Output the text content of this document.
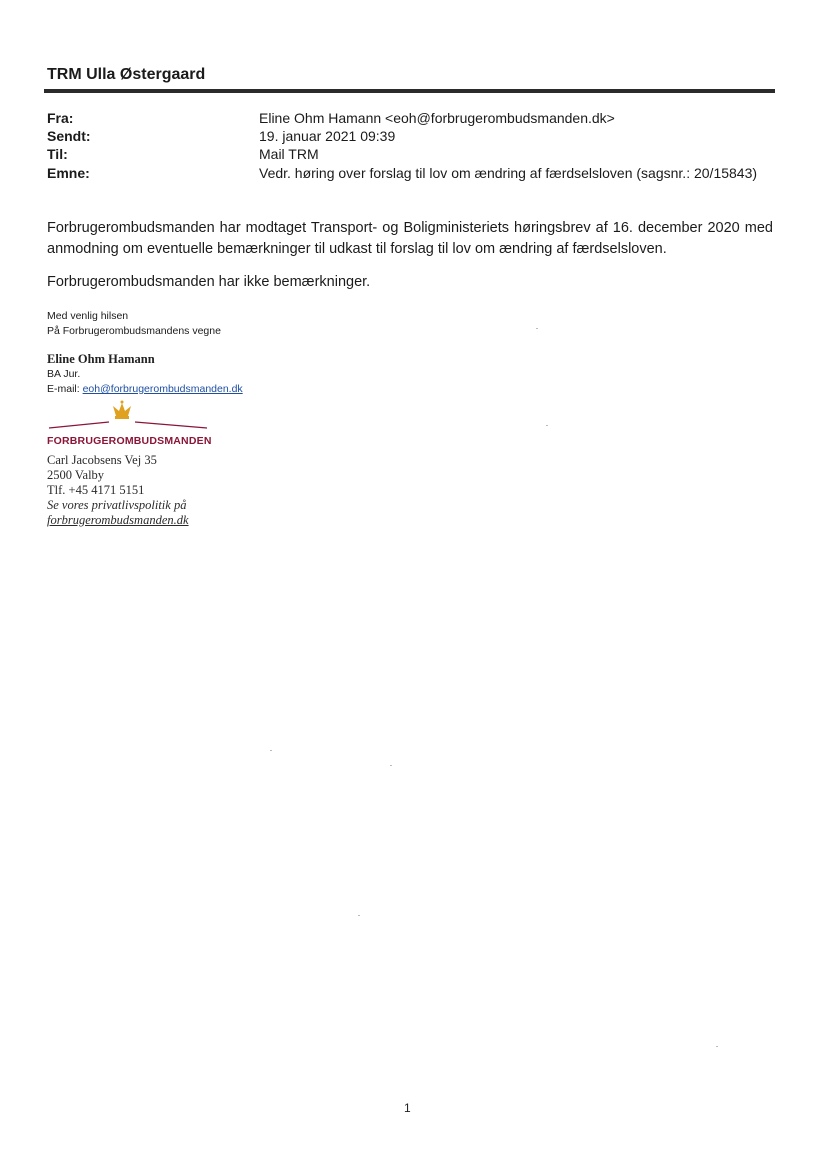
TRM Ulla Østergaard
Fra:	Eline Ohm Hamann <eoh@forbrugerombudsmanden.dk>
Sendt:	19. januar 2021 09:39
Til:	Mail TRM
Emne:	Vedr. høring over forslag til lov om ændring af færdselsloven (sagsnr.: 20/15843)
Forbrugerombudsmanden har modtaget Transport- og Boligministeriets høringsbrev af 16. december 2020 med anmodning om eventuelle bemærkninger til udkast til forslag til lov om ændring af færdselsloven.
Forbrugerombudsmanden har ikke bemærkninger.
Med venlig hilsen
På Forbrugerombudsmandens vegne
Eline Ohm Hamann
BA Jur.
E-mail: eoh@forbrugerombudsmanden.dk
FORBRUGEROMBUDSMANDEN
Carl Jacobsens Vej 35
2500 Valby
Tlf. +45 4171 5151
Se vores privatlivspolitik på
forbrugerombudsmanden.dk
1
